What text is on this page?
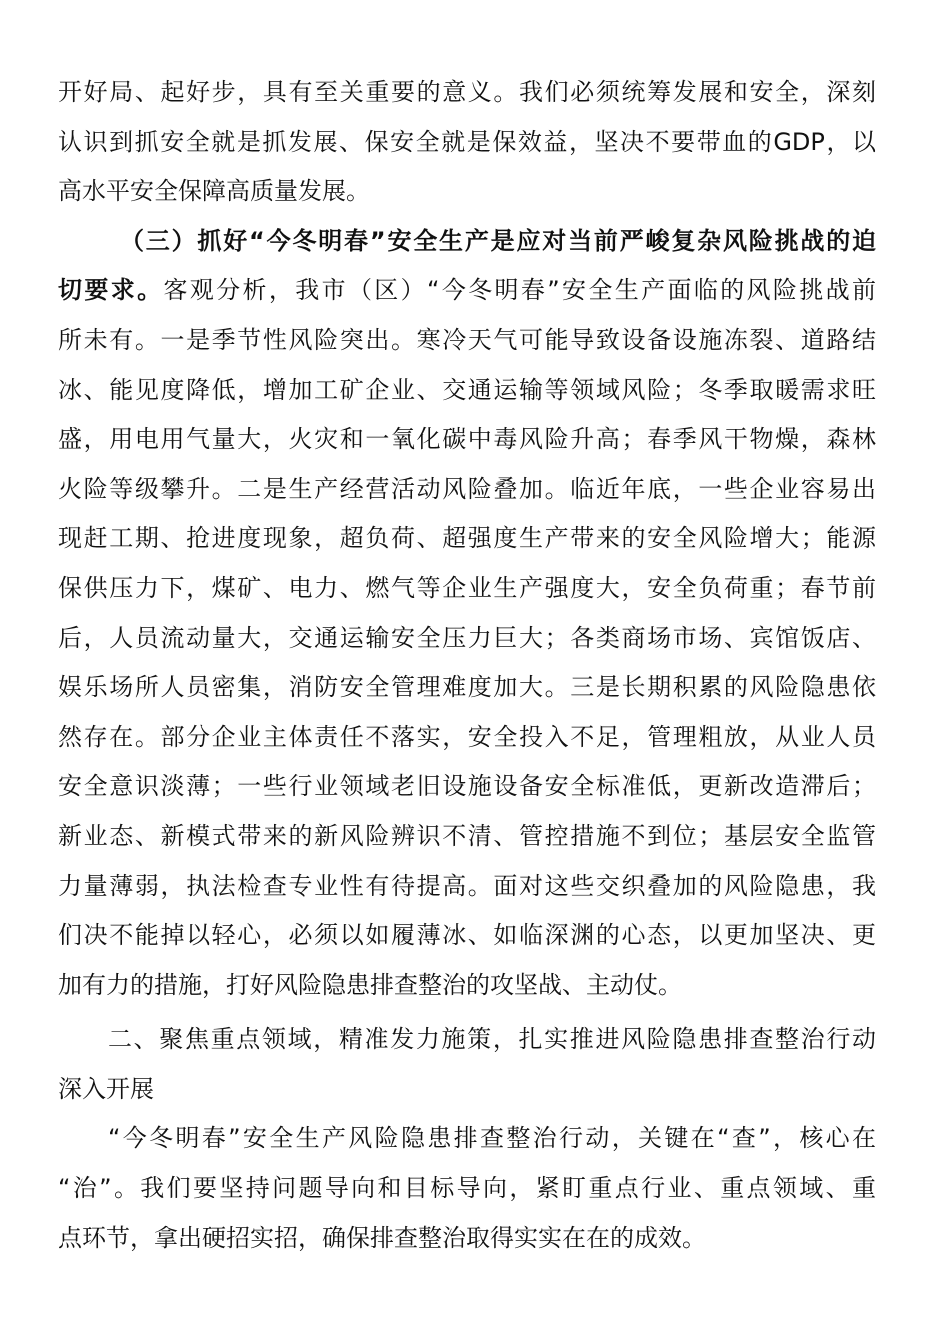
开好局、起好步，具有至关重要的意义。我们必须统筹发展和安全，深刻
认识到抓安全就是抓发展、保安全就是保效益，坚决不要带血的GDP，以
高水平安全保障高质量发展。
（三）抓好“今冬明春”安全生产是应对当前严峻复杂风险挑战的迫
切要求。客观分析，我市（区）“今冬明春”安全生产面临的风险挑战前
所未有。一是季节性风险突出。寒冷天气可能导致设备设施冻裂、道路结
冰、能见度降低，增加工矿企业、交通运输等领域风险；冬季取暖需求旺
盛，用电用气量大，火灾和一氧化碳中毒风险升高；春季风干物燥，森林
火险等级攀升。二是生产经营活动风险叠加。临近年底，一些企业容易出
现赶工期、抢进度现象，超负荷、超强度生产带来的安全风险增大；能源
保供压力下，煤矿、电力、燃气等企业生产强度大，安全负荷重；春节前
后，人员流动量大，交通运输安全压力巨大；各类商场市场、宾馆饭店、
娱乐场所人员密集，消防安全管理难度加大。三是长期积累的风险隐患依
然存在。部分企业主体责任不落实，安全投入不足，管理粗放，从业人员
安全意识淡薄；一些行业领域老旧设施设备安全标准低，更新改造滞后；
新业态、新模式带来的新风险辨识不清、管控措施不到位；基层安全监管
力量薄弱，执法检查专业性有待提高。面对这些交织叠加的风险隐患，我
们决不能掉以轻心，必须以如履薄冰、如临深渊的心态，以更加坚决、更
加有力的措施，打好风险隐患排查整治的攻坚战、主动仗。
二、聚焦重点领域，精准发力施策，扎实推进风险隐患排查整治行动
深入开展
“今冬明春”安全生产风险隐患排查整治行动，关键在“查”，核心在
“治”。我们要坚持问题导向和目标导向，紧盯重点行业、重点领域、重
点环节，拿出硬招实招，确保排查整治取得实实在在的成效。
